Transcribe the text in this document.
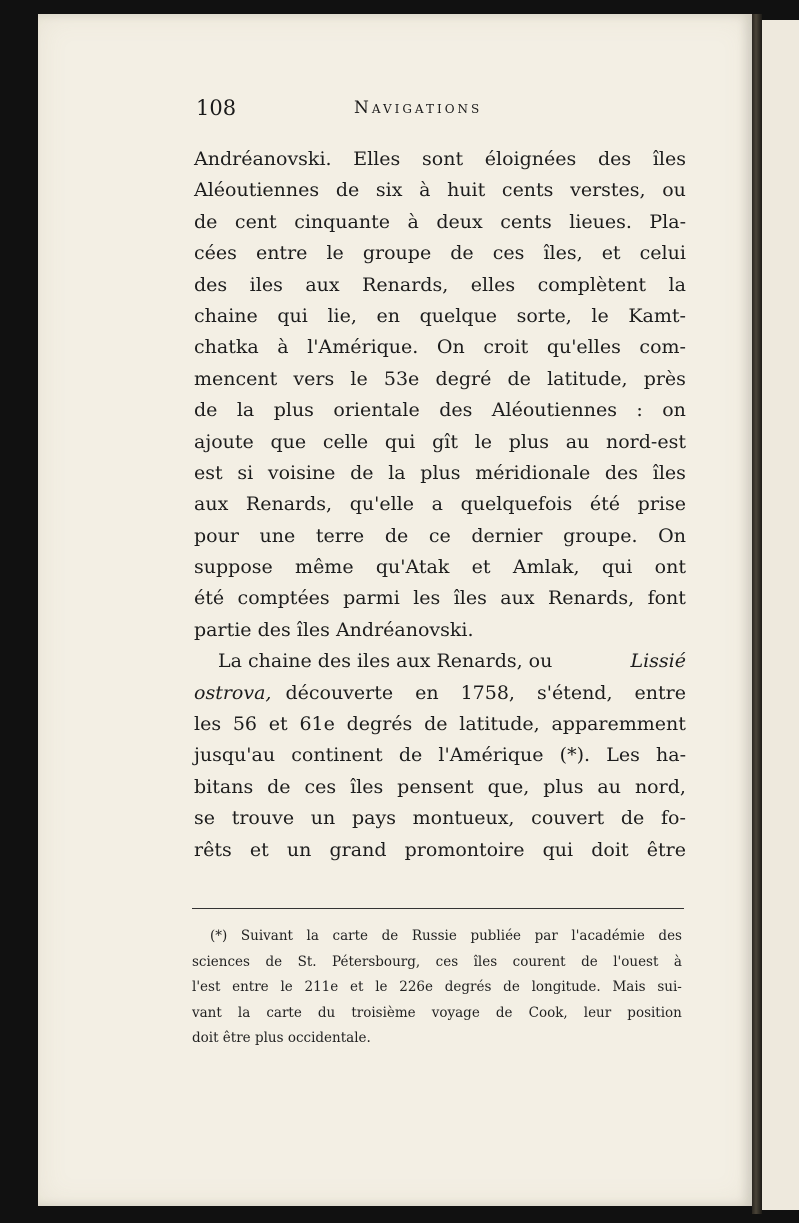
108	Navigations
Andréanovski. Elles sont éloignées des îles
Aléoutiennes de six à huit cents verstes, ou
de cent cinquante à deux cents lieues. Pla-
cées entre le groupe de ces îles, et celui
des iles aux Renards, elles complètent la
chaine qui lie, en quelque sorte, le Kamt-
chatka à l'Amérique. On croit qu'elles com-
mencent vers le 53e degré de latitude, près
de la plus orientale des Aléoutiennes : on
ajoute que celle qui gît le plus au nord-est
est si voisine de la plus méridionale des îles
aux Renards, qu'elle a quelquefois été prise
pour une terre de ce dernier groupe. On
suppose même qu'Atak et Amlak, qui ont
été comptées parmi les îles aux Renards, font
partie des îles Andréanovski.
La chaine des iles aux Renards, ou	Lissié
ostrova, découverte en 1758, s'étend, entre
les 56 et 61e degrés de latitude, apparemment
jusqu'au continent de l'Amérique (*). Les ha-
bitans de ces îles pensent que, plus au nord,
se trouve un pays montueux, couvert de fo-
rêts et un grand promontoire qui doit être
(*) Suivant la carte de Russie publiée par l'académie des
sciences de St. Pétersbourg, ces îles courent de l'ouest à
l'est entre le 211e et le 226e degrés de longitude. Mais sui-
vant la carte du troisième voyage de Cook, leur position
doit être plus occidentale.
